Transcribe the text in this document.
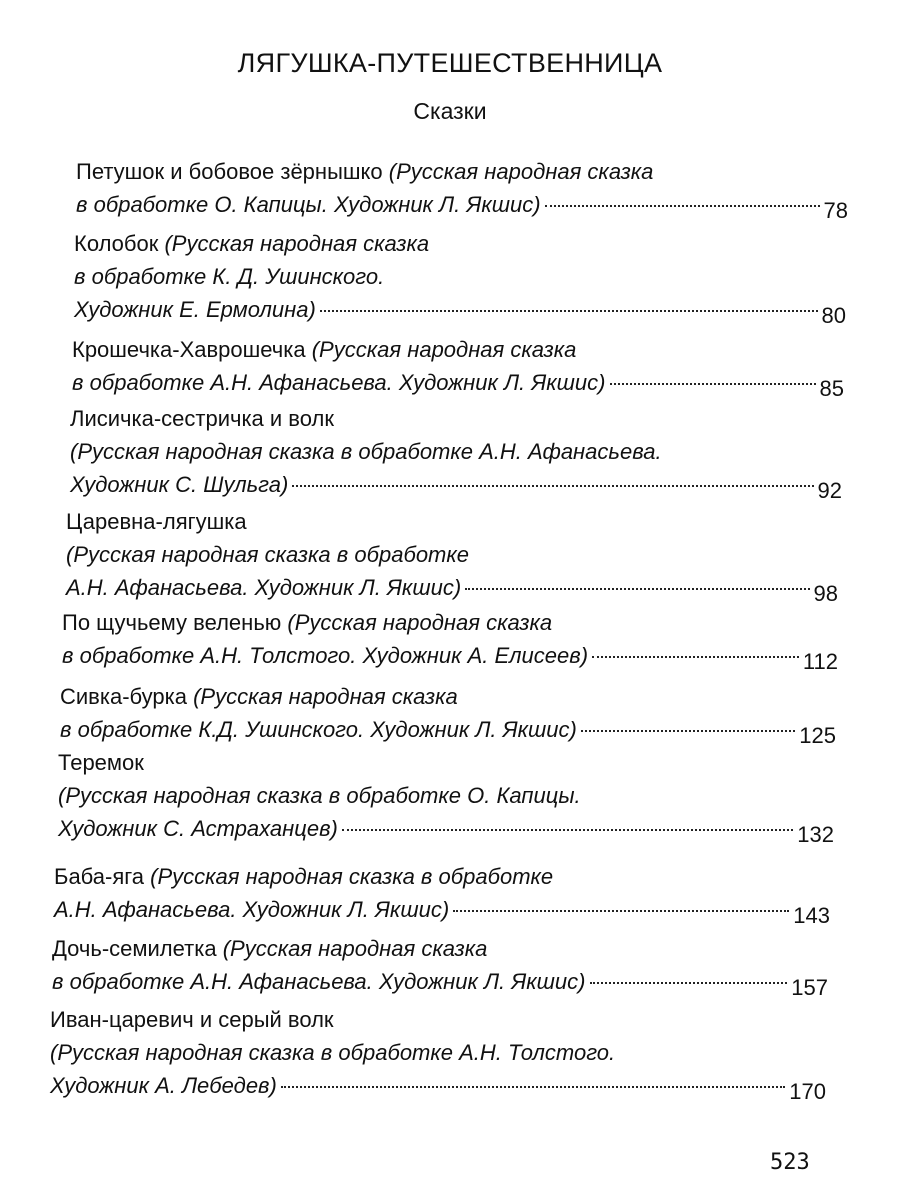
ЛЯГУШКА-ПУТЕШЕСТВЕННИЦА
Сказки
Петушок и бобовое зёрнышко (Русская народная сказка
в обработке О. Капицы. Художник Л. Якшис)	78
Колобок (Русская народная сказка
в обработке К. Д. Ушинского.
Художник Е. Ермолина)	80
Крошечка-Хаврошечка (Русская народная сказка
в обработке А.Н. Афанасьева. Художник Л. Якшис)	85
Лисичка-сестричка и волк
(Русская народная сказка в обработке А.Н. Афанасьева.
Художник С. Шульга)	92
Царевна-лягушка
(Русская народная сказка в обработке
А.Н. Афанасьева. Художник Л. Якшис)	98
По щучьему веленью (Русская народная сказка
в обработке А.Н. Толстого. Художник А. Елисеев)	112
Сивка-бурка (Русская народная сказка
в обработке К.Д. Ушинского. Художник Л. Якшис)	125
Теремок
(Русская народная сказка в обработке О. Капицы.
Художник С. Астраханцев)	132
Баба-яга (Русская народная сказка в обработке
А.Н. Афанасьева. Художник Л. Якшис)	143
Дочь-семилетка (Русская народная сказка
в обработке А.Н. Афанасьева. Художник Л. Якшис)	157
Иван-царевич и серый волк
(Русская народная сказка в обработке А.Н. Толстого.
Художник А. Лебедев)	170
523
